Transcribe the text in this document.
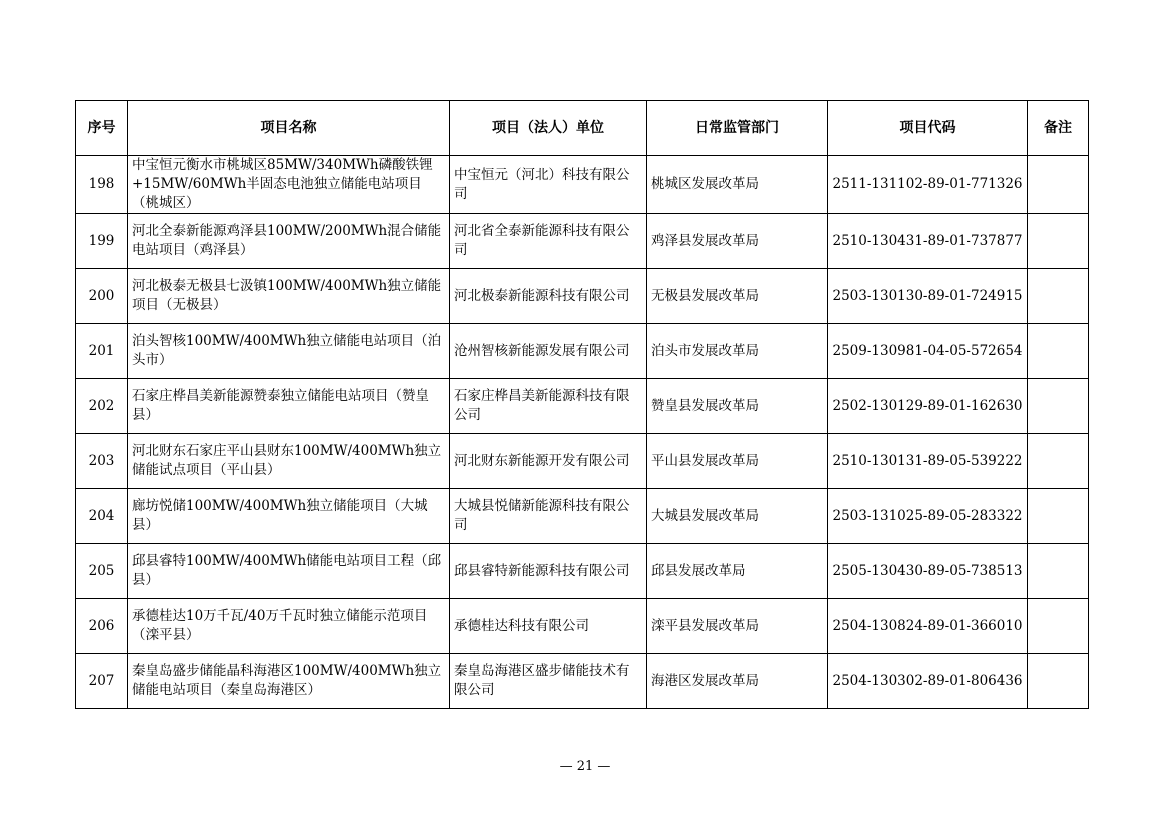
序号	项目名称	项目（法人）单位	日常监管部门	项目代码	备注
198	中宝恒元衡水市桃城区85MW/340MWh磷酸铁锂+15MW/60MWh半固态电池独立储能电站项目（桃城区）	中宝恒元（河北）科技有限公司	桃城区发展改革局	2511-131102-89-01-771326	
199	河北全泰新能源鸡泽县100MW/200MWh混合储能电站项目（鸡泽县）	河北省全泰新能源科技有限公司	鸡泽县发展改革局	2510-130431-89-01-737877	
200	河北极泰无极县七汲镇100MW/400MWh独立储能项目（无极县）	河北极泰新能源科技有限公司	无极县发展改革局	2503-130130-89-01-724915	
201	泊头智核100MW/400MWh独立储能电站项目（泊头市）	沧州智核新能源发展有限公司	泊头市发展改革局	2509-130981-04-05-572654	
202	石家庄桦昌美新能源赞泰独立储能电站项目（赞皇县）	石家庄桦昌美新能源科技有限公司	赞皇县发展改革局	2502-130129-89-01-162630	
203	河北财东石家庄平山县财东100MW/400MWh独立储能试点项目（平山县）	河北财东新能源开发有限公司	平山县发展改革局	2510-130131-89-05-539222	
204	廊坊悦储100MW/400MWh独立储能项目（大城县）	大城县悦储新能源科技有限公司	大城县发展改革局	2503-131025-89-05-283322	
205	邱县睿特100MW/400MWh储能电站项目工程（邱县）	邱县睿特新能源科技有限公司	邱县发展改革局	2505-130430-89-05-738513	
206	承德桂达10万千瓦/40万千瓦时独立储能示范项目（滦平县）	承德桂达科技有限公司	滦平县发展改革局	2504-130824-89-01-366010	
207	秦皇岛盛步储能晶科海港区100MW/400MWh独立储能电站项目（秦皇岛海港区）	秦皇岛海港区盛步储能技术有限公司	海港区发展改革局	2504-130302-89-01-806436	
— 21 —
